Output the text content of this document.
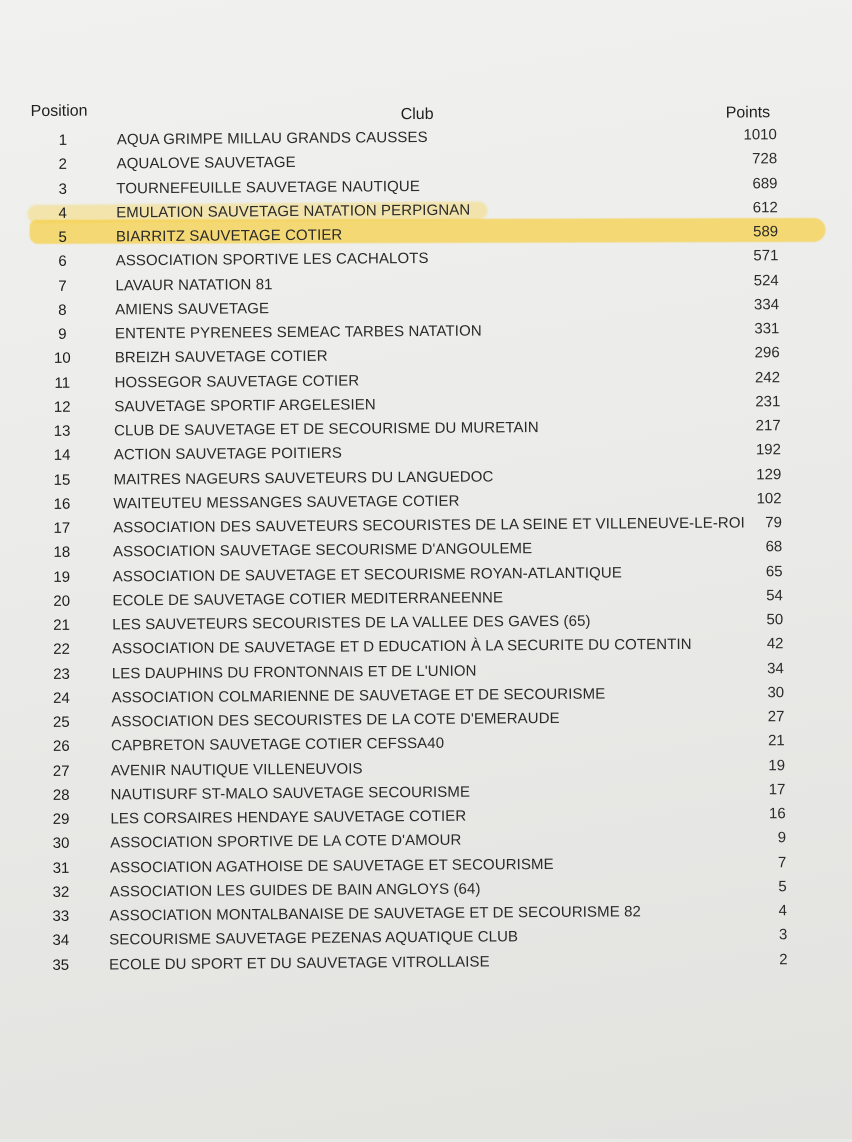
Position	Club	Points
1	AQUA GRIMPE MILLAU GRANDS CAUSSES	1010
2	AQUALOVE SAUVETAGE	728
3	TOURNEFEUILLE SAUVETAGE NAUTIQUE	689
4	EMULATION SAUVETAGE NATATION PERPIGNAN	612
5	BIARRITZ SAUVETAGE COTIER	589
6	ASSOCIATION SPORTIVE LES CACHALOTS	571
7	LAVAUR NATATION 81	524
8	AMIENS SAUVETAGE	334
9	ENTENTE PYRENEES SEMEAC TARBES NATATION	331
10	BREIZH SAUVETAGE COTIER	296
11	HOSSEGOR SAUVETAGE COTIER	242
12	SAUVETAGE SPORTIF ARGELESIEN	231
13	CLUB DE SAUVETAGE ET DE SECOURISME DU MURETAIN	217
14	ACTION SAUVETAGE POITIERS	192
15	MAITRES NAGEURS SAUVETEURS DU LANGUEDOC	129
16	WAITEUTEU MESSANGES SAUVETAGE COTIER	102
17	ASSOCIATION DES SAUVETEURS SECOURISTES DE LA SEINE ET VILLENEUVE-LE-ROI	79
18	ASSOCIATION SAUVETAGE SECOURISME D'ANGOULEME	68
19	ASSOCIATION DE SAUVETAGE ET SECOURISME ROYAN-ATLANTIQUE	65
20	ECOLE DE SAUVETAGE COTIER MEDITERRANEENNE	54
21	LES SAUVETEURS SECOURISTES DE LA VALLEE DES GAVES (65)	50
22	ASSOCIATION DE SAUVETAGE ET D EDUCATION À LA SECURITE DU COTENTIN	42
23	LES DAUPHINS DU FRONTONNAIS ET DE L'UNION	34
24	ASSOCIATION COLMARIENNE DE SAUVETAGE ET DE SECOURISME	30
25	ASSOCIATION DES SECOURISTES DE LA COTE D'EMERAUDE	27
26	CAPBRETON SAUVETAGE COTIER CEFSSA40	21
27	AVENIR NAUTIQUE VILLENEUVOIS	19
28	NAUTISURF ST-MALO SAUVETAGE SECOURISME	17
29	LES CORSAIRES HENDAYE SAUVETAGE COTIER	16
30	ASSOCIATION SPORTIVE DE LA COTE D'AMOUR	9
31	ASSOCIATION AGATHOISE DE SAUVETAGE ET SECOURISME	7
32	ASSOCIATION LES GUIDES DE BAIN ANGLOYS (64)	5
33	ASSOCIATION MONTALBANAISE DE SAUVETAGE ET DE SECOURISME 82	4
34	SECOURISME SAUVETAGE PEZENAS AQUATIQUE CLUB	3
35	ECOLE DU SPORT ET DU SAUVETAGE VITROLLAISE	2
